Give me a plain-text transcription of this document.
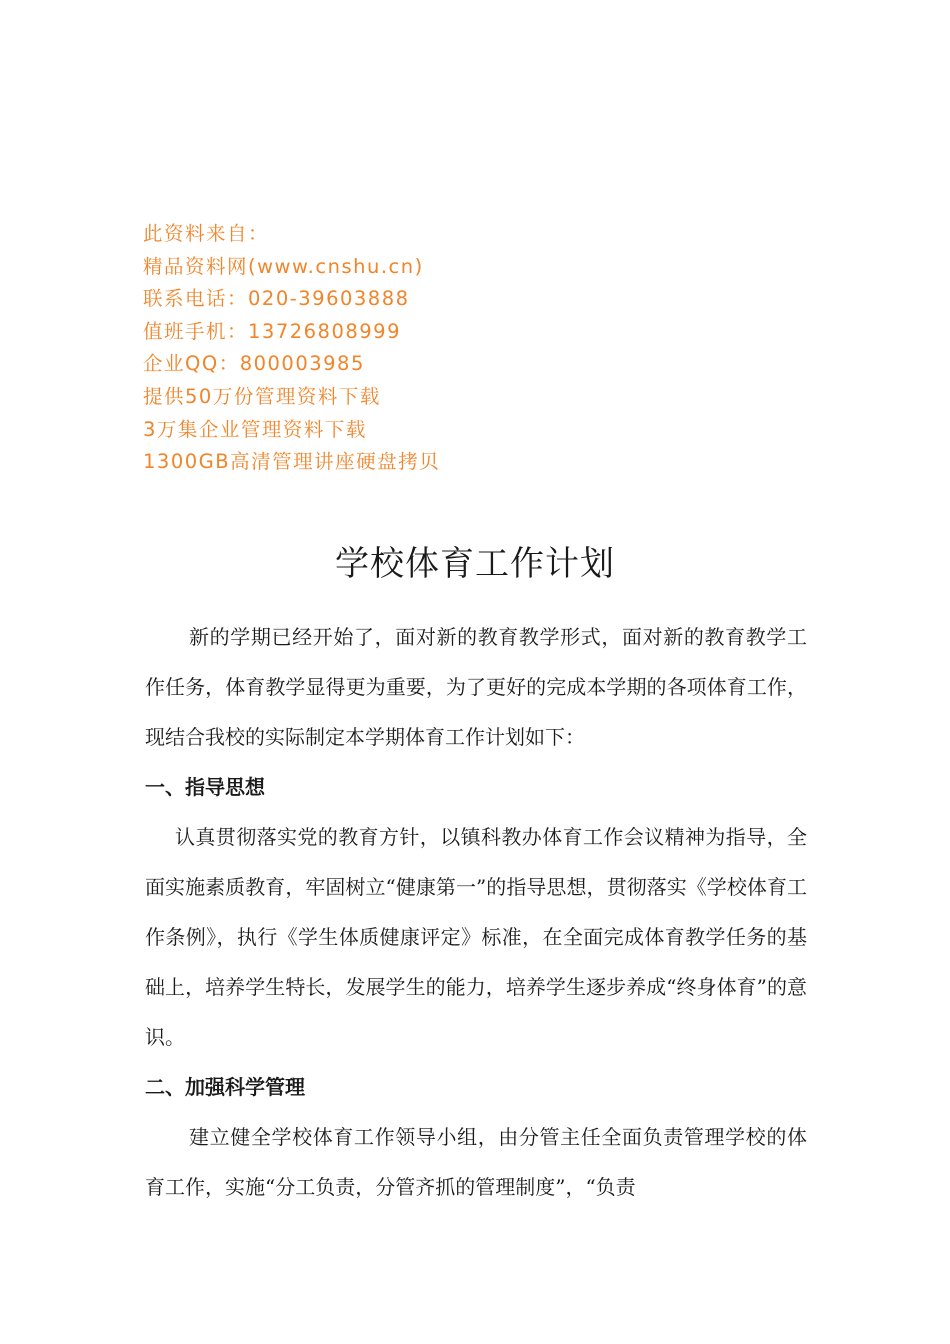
此资料来自：
精品资料网(www.cnshu.cn)
联系电话：020-39603888
值班手机：13726808999
企业QQ：800003985
提供50万份管理资料下载
3万集企业管理资料下载
1300GB高清管理讲座硬盘拷贝
学校体育工作计划

新的学期已经开始了，面对新的教育教学形式，面对新的教育教学工作任务，体育教学显得更为重要，为了更好的完成本学期的各项体育工作，现结合我校的实际制定本学期体育工作计划如下：

一、指导思想

认真贯彻落实党的教育方针，以镇科教办体育工作会议精神为指导，全面实施素质教育，牢固树立“健康第一”的指导思想，贯彻落实《学校体育工作条例》，执行《学生体质健康评定》标准，在全面完成体育教学任务的基础上，培养学生特长，发展学生的能力，培养学生逐步养成“终身体育”的意识。

二、加强科学管理

建立健全学校体育工作领导小组，由分管主任全面负责管理学校的体育工作，实施“分工负责，分管齐抓的管理制度”，“负责
